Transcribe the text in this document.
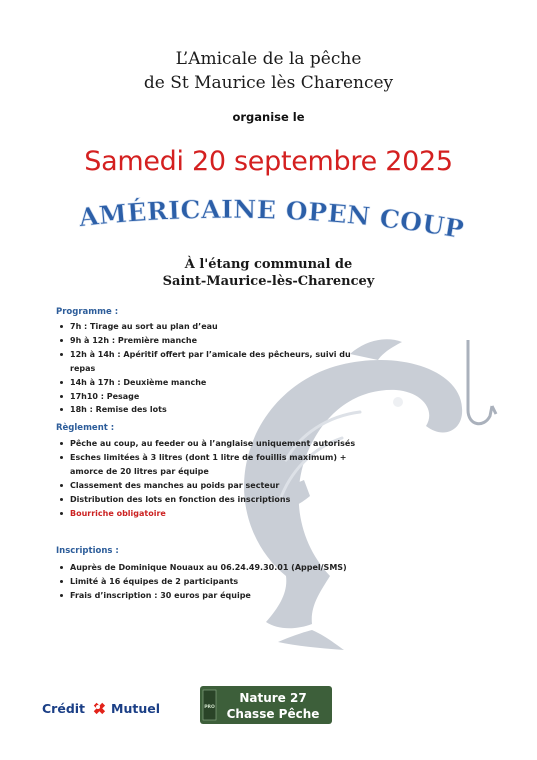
L’Amicale de la pêche
de St Maurice lès Charencey
organise le
Samedi 20 septembre 2025
AMÉRICAINE OPEN COUP
À l'étang communal de
Saint-Maurice-lès-Charencey
Programme :
7h : Tirage au sort au plan d’eau
9h à 12h : Première manche
12h à 14h : Apéritif offert par l’amicale des pêcheurs, suivi du repas
14h à 17h : Deuxième manche
17h10 : Pesage
18h : Remise des lots
Règlement :
Pêche au coup, au feeder ou à l’anglaise uniquement autorisés
Esches limitées à 3 litres (dont 1 litre de fouillis maximum) + amorce de 20 litres par équipe
Classement des manches au poids par secteur
Distribution des lots en fonction des inscriptions
Bourriche obligatoire
Inscriptions :
Auprès de Dominique Nouaux au 06.24.49.30.01 (Appel/SMS)
Limité à 16 équipes de 2 participants
Frais d’inscription : 30 euros par équipe
Crédit Mutuel	PRO
Nature 27
Chasse Pêche
